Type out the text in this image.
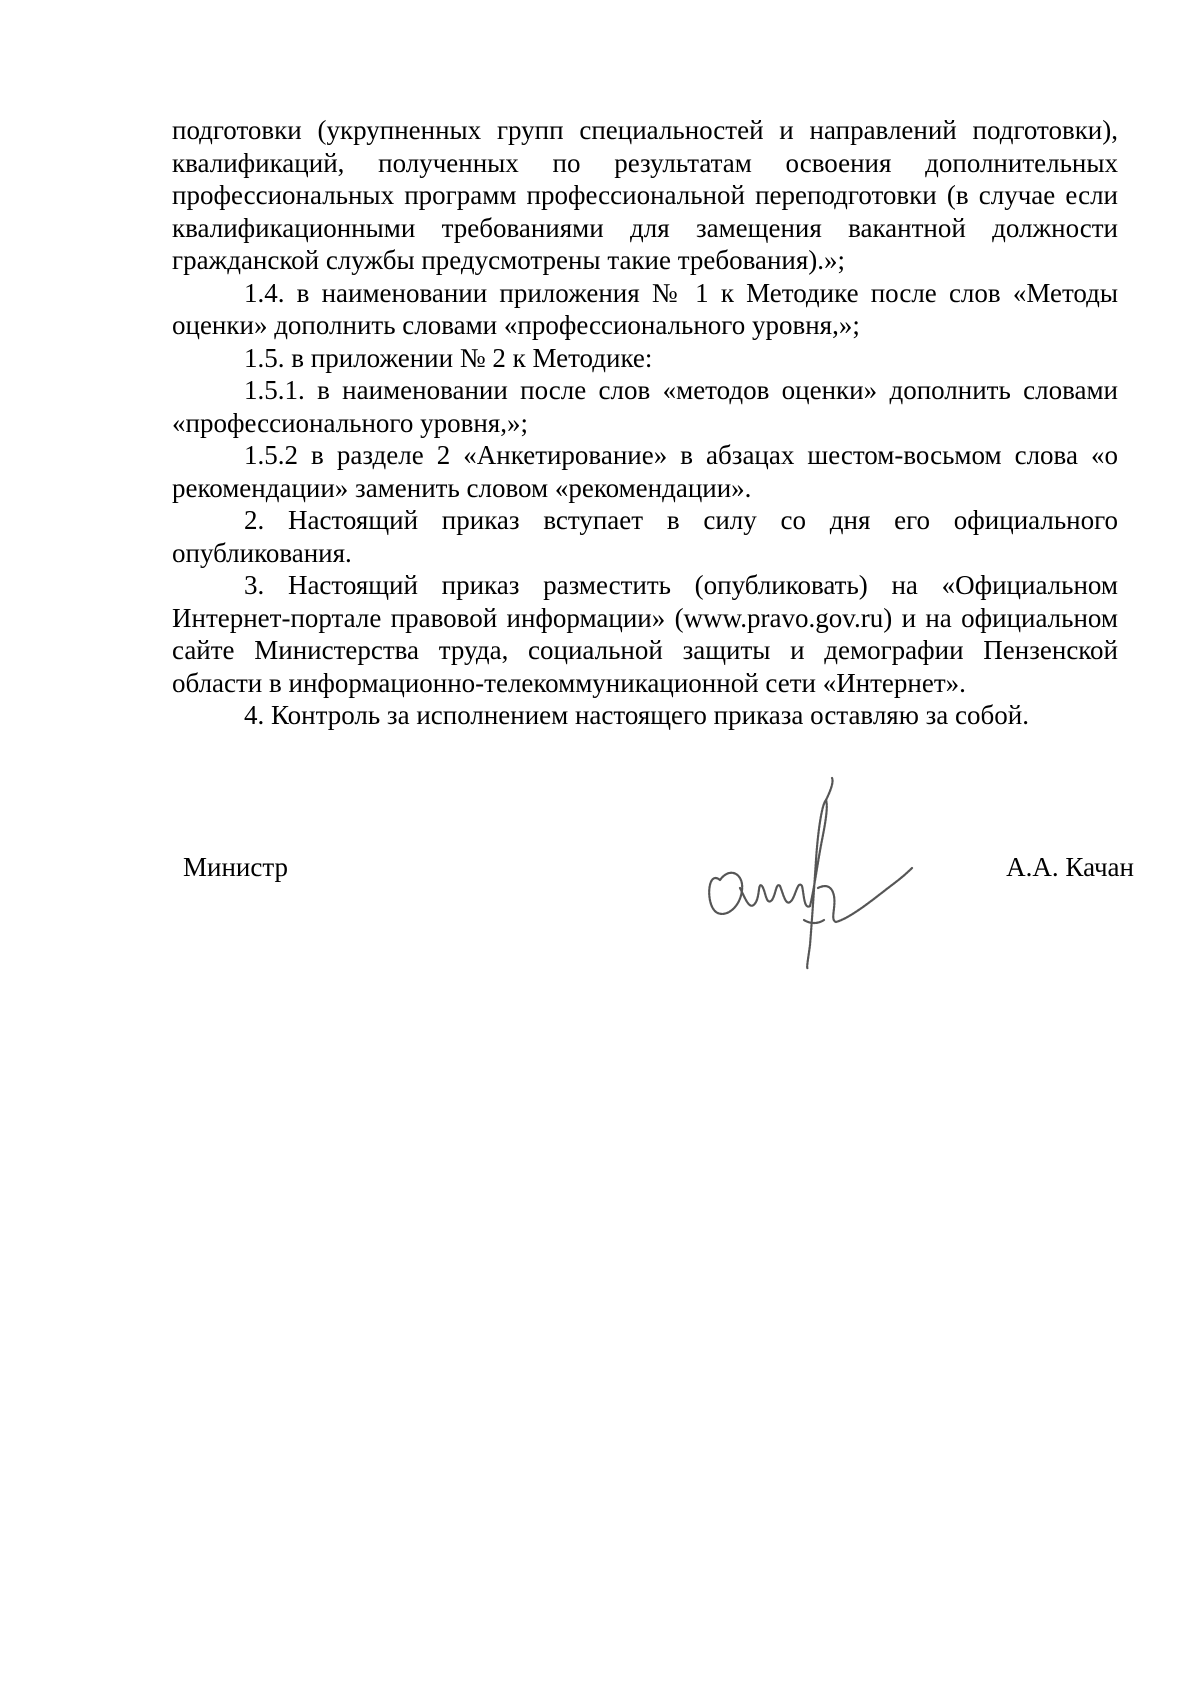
подготовки (укрупненных групп специальностей и направлений подготовки), квалификаций, полученных по результатам освоения дополнительных профессиональных программ профессиональной переподготовки (в случае если квалификационными требованиями для замещения вакантной должности гражданской службы предусмотрены такие требования).»;

1.4. в наименовании приложения № 1 к Методике после слов «Методы оценки» дополнить словами «профессионального уровня,»;

1.5. в приложении № 2 к Методике:

1.5.1. в наименовании после слов «методов оценки» дополнить словами «профессионального уровня,»;

1.5.2 в разделе 2 «Анкетирование» в абзацах шестом-восьмом слова «о рекомендации» заменить словом «рекомендации».

2. Настоящий приказ вступает в силу со дня его официального опубликования.

3. Настоящий приказ разместить (опубликовать) на «Официальном Интернет-портале правовой информации» (www.pravo.gov.ru) и на официальном сайте Министерства труда, социальной защиты и демографии Пензенской области в информационно-телекоммуникационной сети «Интернет».

4. Контроль за исполнением настоящего приказа оставляю за собой.

Министр	А.А. Качан
